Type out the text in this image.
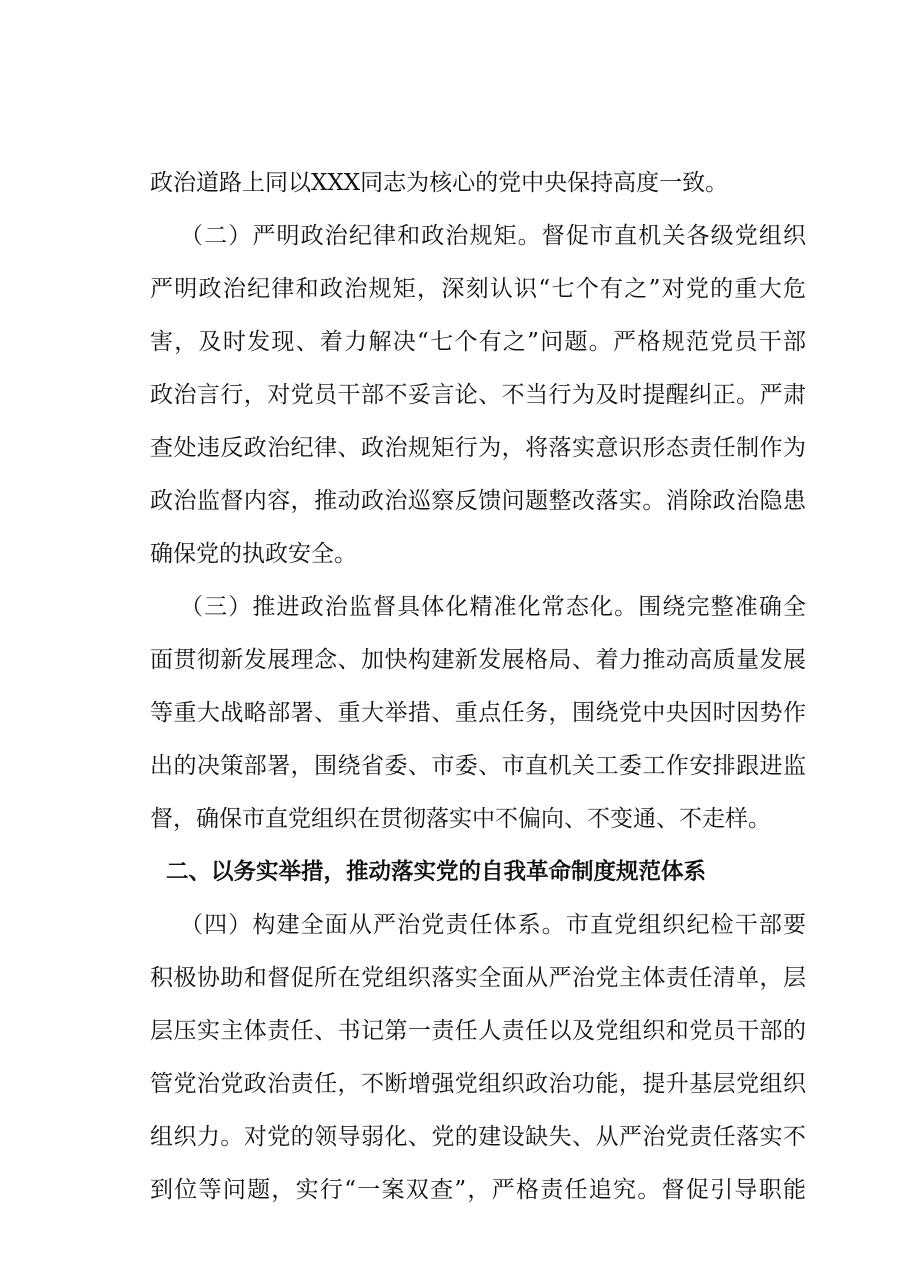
政治道路上同以XXX同志为核心的党中央保持高度一致。
（二）严明政治纪律和政治规矩。督促市直机关各级党组织
严明政治纪律和政治规矩，深刻认识“七个有之”对党的重大危
害，及时发现、着力解决“七个有之”问题。严格规范党员干部
政治言行，对党员干部不妥言论、不当行为及时提醒纠正。严肃
查处违反政治纪律、政治规矩行为，将落实意识形态责任制作为
政治监督内容，推动政治巡察反馈问题整改落实。消除政治隐患
确保党的执政安全。
（三）推进政治监督具体化精准化常态化。围绕完整准确全
面贯彻新发展理念、加快构建新发展格局、着力推动高质量发展
等重大战略部署、重大举措、重点任务，围绕党中央因时因势作
出的决策部署，围绕省委、市委、市直机关工委工作安排跟进监
督，确保市直党组织在贯彻落实中不偏向、不变通、不走样。
二、以务实举措，推动落实党的自我革命制度规范体系
（四）构建全面从严治党责任体系。市直党组织纪检干部要
积极协助和督促所在党组织落实全面从严治党主体责任清单，层
层压实主体责任、书记第一责任人责任以及党组织和党员干部的
管党治党政治责任，不断增强党组织政治功能，提升基层党组织
组织力。对党的领导弱化、党的建设缺失、从严治党责任落实不
到位等问题，实行“一案双查”，严格责任追究。督促引导职能
